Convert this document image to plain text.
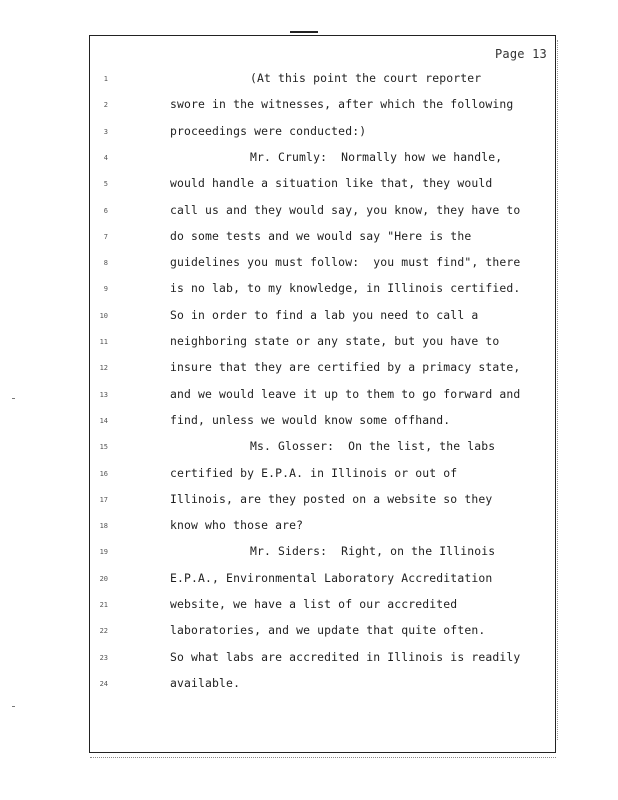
Page 13
1	(At this point the court reporter
2	swore in the witnesses, after which the following
3	proceedings were conducted:)
4	Mr. Crumly:  Normally how we handle,
5	would handle a situation like that, they would
6	call us and they would say, you know, they have to
7	do some tests and we would say "Here is the
8	guidelines you must follow:  you must find", there
9	is no lab, to my knowledge, in Illinois certified.
10	So in order to find a lab you need to call a
11	neighboring state or any state, but you have to
12	insure that they are certified by a primacy state,
13	and we would leave it up to them to go forward and
14	find, unless we would know some offhand.
15	Ms. Glosser:  On the list, the labs
16	certified by E.P.A. in Illinois or out of
17	Illinois, are they posted on a website so they
18	know who those are?
19	Mr. Siders:  Right, on the Illinois
20	E.P.A., Environmental Laboratory Accreditation
21	website, we have a list of our accredited
22	laboratories, and we update that quite often.
23	So what labs are accredited in Illinois is readily
24	available.
